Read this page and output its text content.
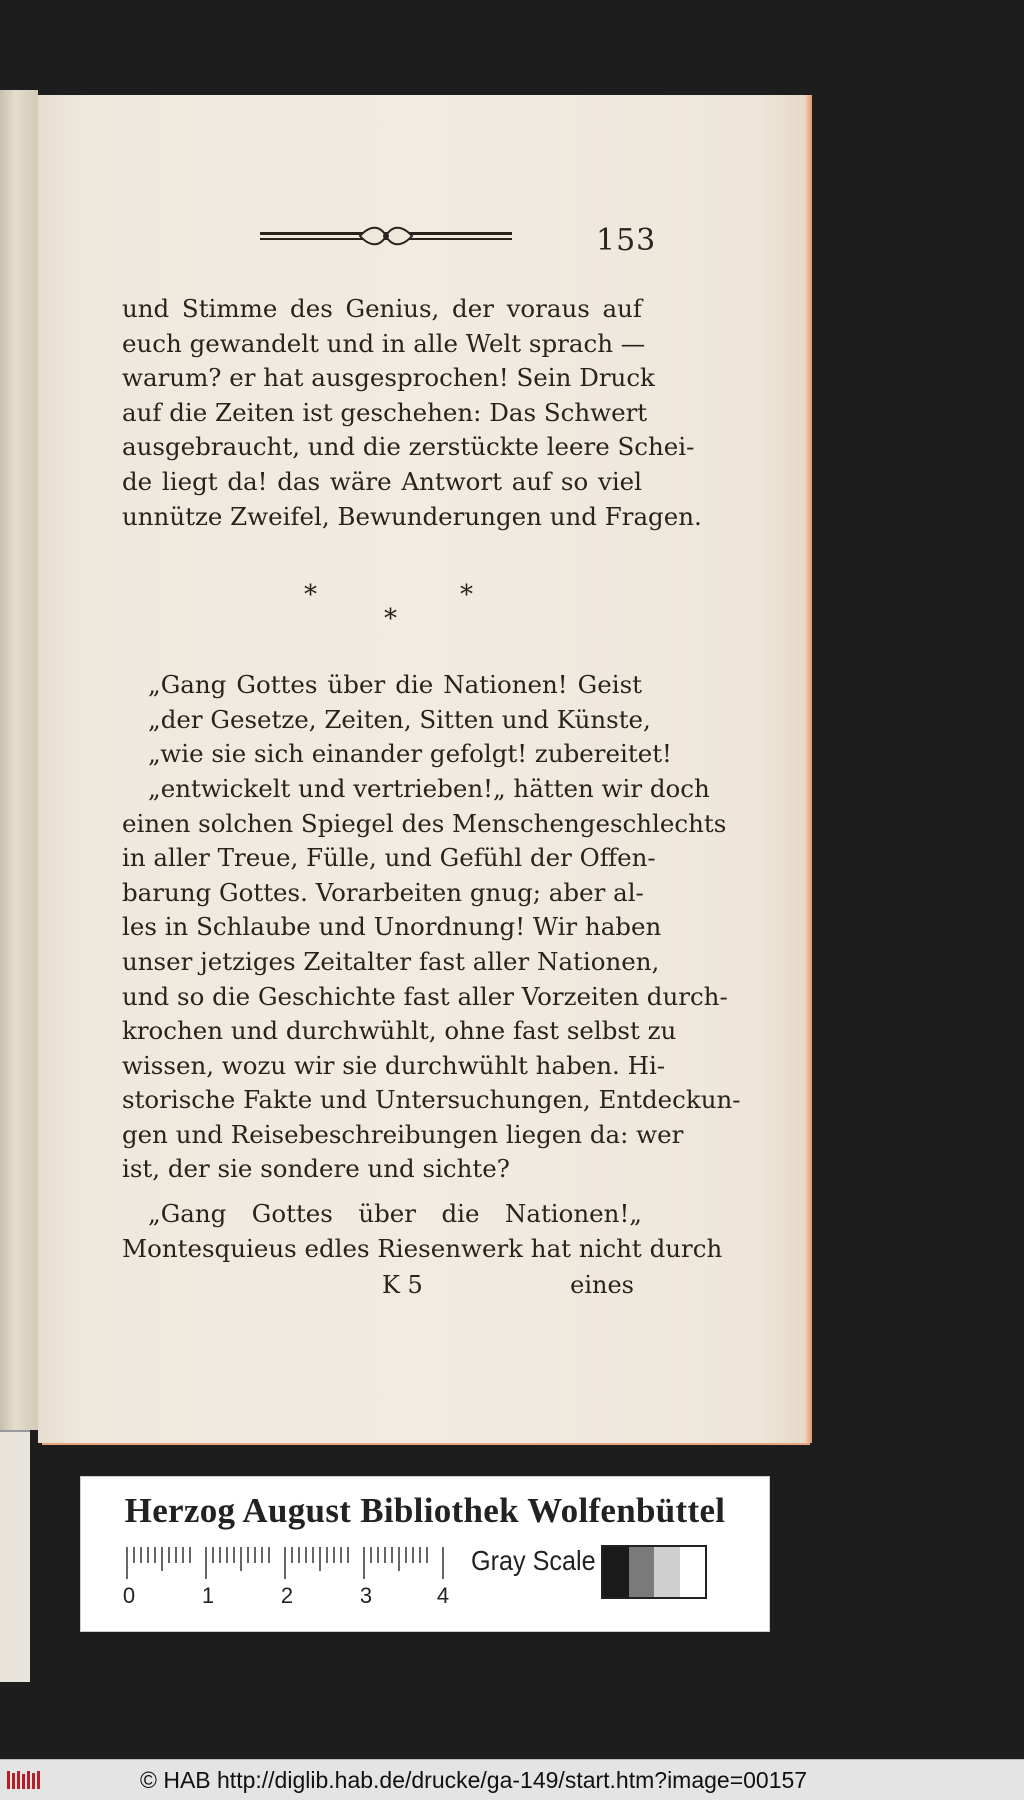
153
und Stimme des Genius, der voraus auf
euch gewandelt und in alle Welt sprach —
warum? er hat ausgesprochen! Sein Druck
auf die Zeiten ist geschehen: Das Schwert
ausgebraucht, und die zerstückte leere Schei-
de liegt da! das wäre Antwort auf so viel
unnütze Zweifel, Bewunderungen und Fragen.
*	*
*
„Gang Gottes über die Nationen! Geist
„der Gesetze, Zeiten, Sitten und Künste,
„wie sie sich einander gefolgt! zubereitet!
„entwickelt und vertrieben!„ hätten wir doch
einen solchen Spiegel des Menschengeschlechts
in aller Treue, Fülle, und Gefühl der Offen-
barung Gottes. Vorarbeiten gnug; aber al-
les in Schlaube und Unordnung! Wir haben
unser jetziges Zeitalter fast aller Nationen,
und so die Geschichte fast aller Vorzeiten durch-
krochen und durchwühlt, ohne fast selbst zu
wissen, wozu wir sie durchwühlt haben. Hi-
storische Fakte und Untersuchungen, Entdeckun-
gen und Reisebeschreibungen liegen da: wer
ist, der sie sondere und sichte?
„Gang Gottes über die Nationen!„
Montesquieus edles Riesenwerk hat nicht durch
K 5	eines
Herzog August Bibliothek Wolfenbüttel
0	1	2	3	4
Gray Scale
© HAB http://diglib.hab.de/drucke/ga-149/start.htm?image=00157
